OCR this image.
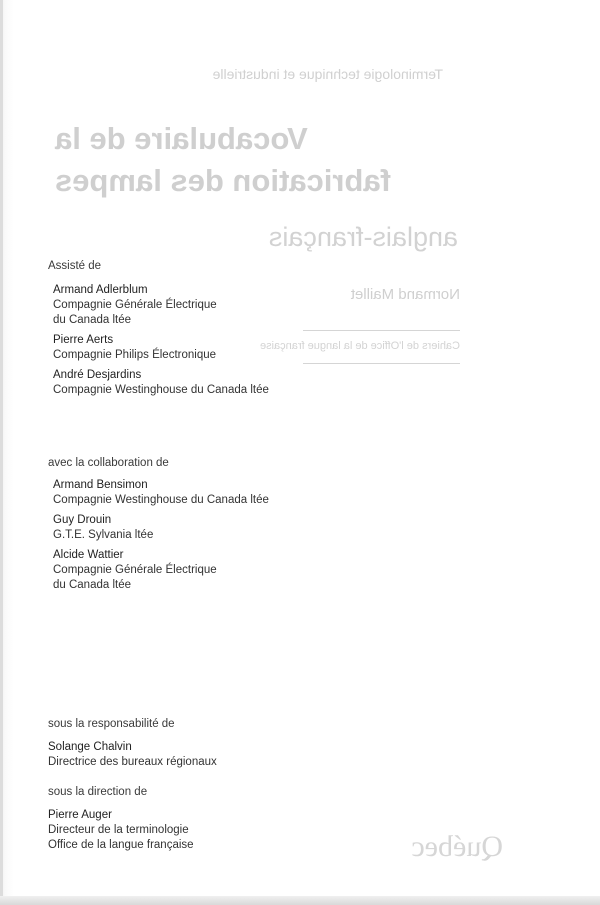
Terminologie technique et industrielle
Vocabulaire de la
fabrication des lampes
anglais-français
Normand Maillet
Cahiers de l'Office de la langue française
Québec

Assisté de

Armand Adlerblum
Compagnie Générale Électrique
du Canada ltée
Pierre Aerts
Compagnie Philips Électronique
André Desjardins
Compagnie Westinghouse du Canada ltée

avec la collaboration de

Armand Bensimon
Compagnie Westinghouse du Canada ltée
Guy Drouin
G.T.E. Sylvania ltée
Alcide Wattier
Compagnie Générale Électrique
du Canada ltée

sous la responsabilité de

Solange Chalvin
Directrice des bureaux régionaux

sous la direction de

Pierre Auger
Directeur de la terminologie
Office de la langue française
